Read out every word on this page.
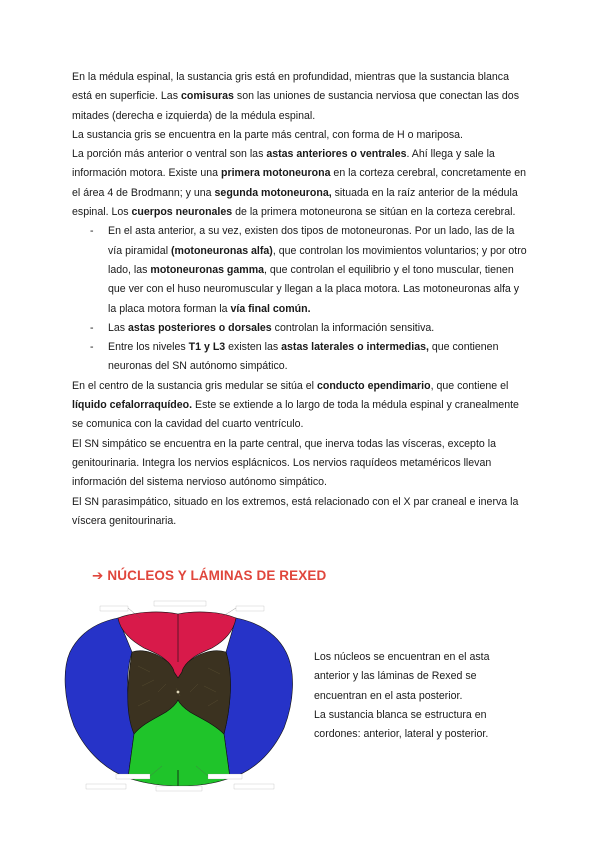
En la médula espinal, la sustancia gris está en profundidad, mientras que la sustancia blanca está en superficie. Las comisuras son las uniones de sustancia nerviosa que conectan las dos mitades (derecha e izquierda) de la médula espinal.

La sustancia gris se encuentra en la parte más central, con forma de H o mariposa.

La porción más anterior o ventral son las astas anteriores o ventrales. Ahí llega y sale la información motora. Existe una primera motoneurona en la corteza cerebral, concretamente en el área 4 de Brodmann; y una segunda motoneurona, situada en la raíz anterior de la médula espinal. Los cuerpos neuronales de la primera motoneurona se sitúan en la corteza cerebral.

- En el asta anterior, a su vez, existen dos tipos de motoneuronas. Por un lado, las de la vía piramidal (motoneuronas alfa), que controlan los movimientos voluntarios; y por otro lado, las motoneuronas gamma, que controlan el equilibrio y el tono muscular, tienen que ver con el huso neuromuscular y llegan a la placa motora. Las motoneuronas alfa y la placa motora forman la vía final común.
- Las astas posteriores o dorsales controlan la información sensitiva.
- Entre los niveles T1 y L3 existen las astas laterales o intermedias, que contienen neuronas del SN autónomo simpático.

En el centro de la sustancia gris medular se sitúa el conducto ependimario, que contiene el líquido cefalorraquídeo. Este se extiende a lo largo de toda la médula espinal y cranealmente se comunica con la cavidad del cuarto ventrículo.

El SN simpático se encuentra en la parte central, que inerva todas las vísceras, excepto la genitourinaria. Integra los nervios esplácnicos. Los nervios raquídeos metaméricos llevan información del sistema nervioso autónomo simpático.

El SN parasimpático, situado en los extremos, está relacionado con el X par craneal e inerva la víscera genitourinaria.

➔ NÚCLEOS Y LÁMINAS DE REXED

Los núcleos se encuentran en el asta anterior y las láminas de Rexed se encuentran en el asta posterior.

La sustancia blanca se estructura en cordones: anterior, lateral y posterior.
